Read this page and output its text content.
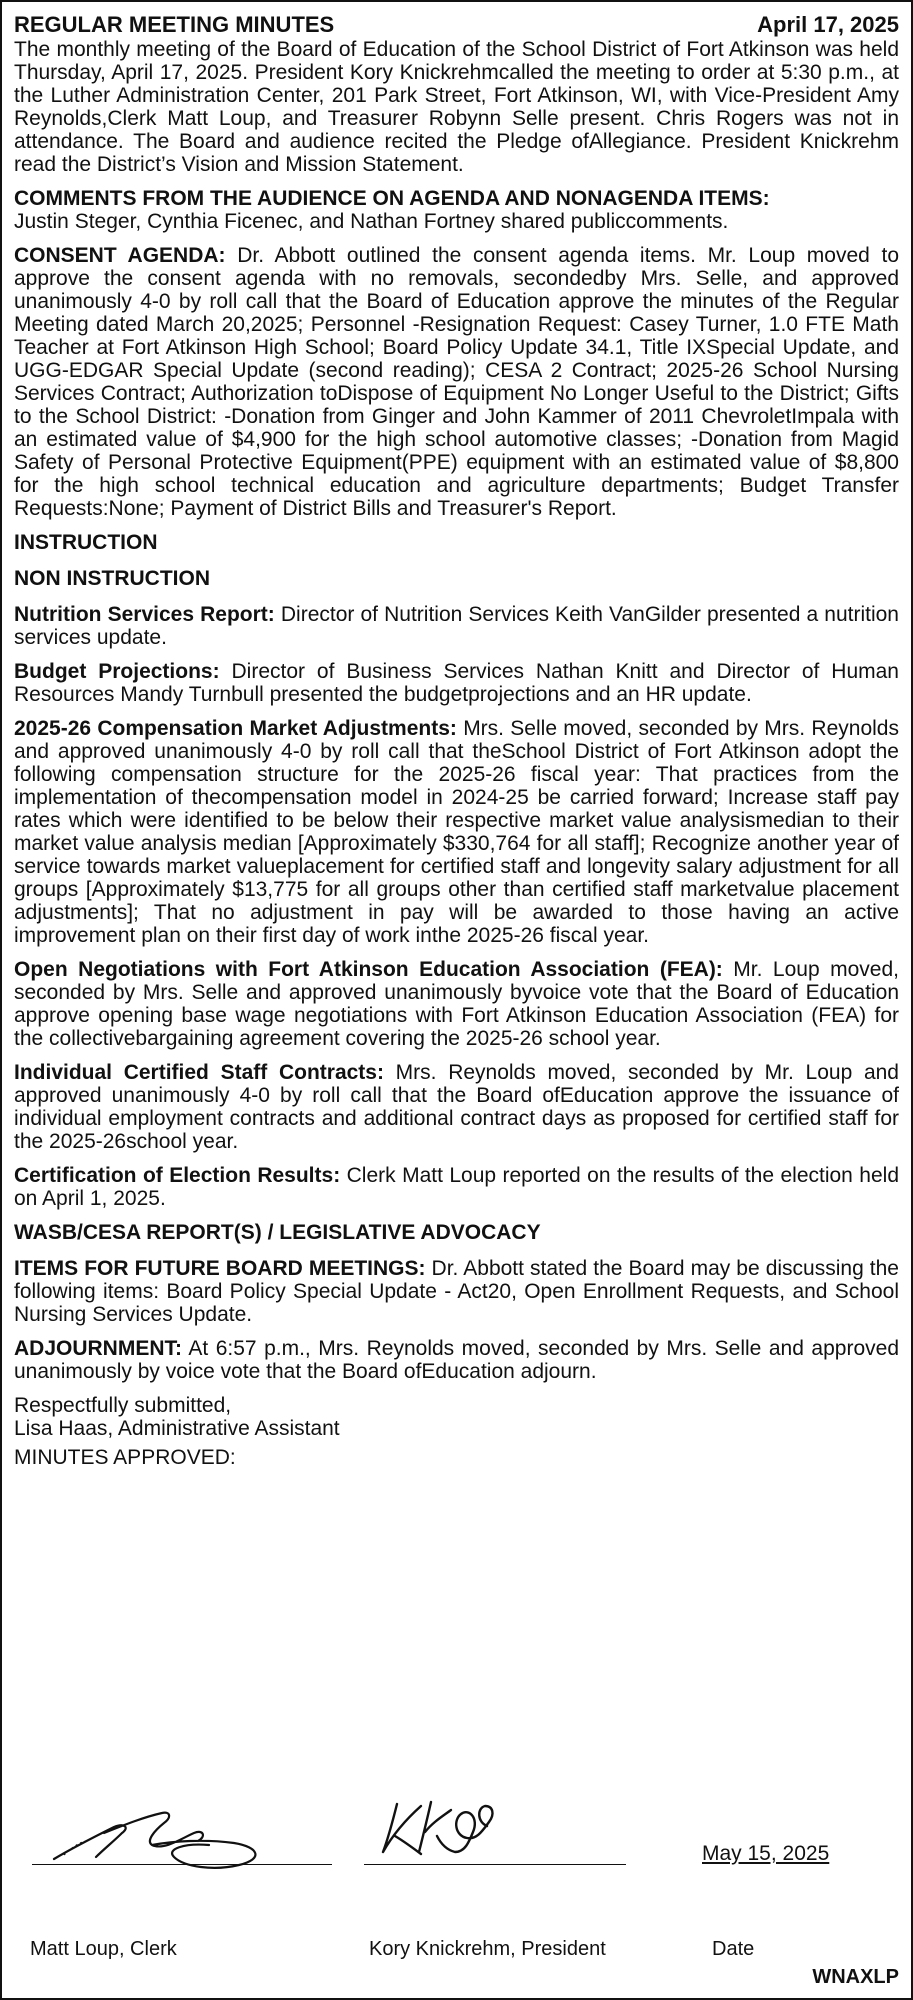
REGULAR MEETING MINUTES	April 17, 2025

The monthly meeting of the Board of Education of the School District of Fort Atkinson was held Thursday, April 17, 2025. President Kory Knickrehmcalled the meeting to order at 5:30 p.m., at the Luther Administration Center, 201 Park Street, Fort Atkinson, WI, with Vice-President Amy Reynolds,Clerk Matt Loup, and Treasurer Robynn Selle present. Chris Rogers was not in attendance. The Board and audience recited the Pledge ofAllegiance. President Knickrehm read the District’s Vision and Mission Statement.

COMMENTS FROM THE AUDIENCE ON AGENDA AND NONAGENDA ITEMS:
Justin Steger, Cynthia Ficenec, and Nathan Fortney shared publiccomments.

CONSENT AGENDA: Dr. Abbott outlined the consent agenda items. Mr. Loup moved to approve the consent agenda with no removals, secondedby Mrs. Selle, and approved unanimously 4-0 by roll call that the Board of Education approve the minutes of the Regular Meeting dated March 20,2025; Personnel -Resignation Request: Casey Turner, 1.0 FTE Math Teacher at Fort Atkinson High School; Board Policy Update 34.1, Title IXSpecial Update, and UGG-EDGAR Special Update (second reading); CESA 2 Contract; 2025-26 School Nursing Services Contract; Authorization toDispose of Equipment No Longer Useful to the District; Gifts to the School District: -Donation from Ginger and John Kammer of 2011 ChevroletImpala with an estimated value of $4,900 for the high school automotive classes; -Donation from Magid Safety of Personal Protective Equipment(PPE) equipment with an estimated value of $8,800 for the high school technical education and agriculture departments; Budget Transfer Requests:None; Payment of District Bills and Treasurer's Report.

INSTRUCTION
NON INSTRUCTION

Nutrition Services Report: Director of Nutrition Services Keith VanGilder presented a nutrition services update.

Budget Projections: Director of Business Services Nathan Knitt and Director of Human Resources Mandy Turnbull presented the budgetprojections and an HR update.

2025-26 Compensation Market Adjustments: Mrs. Selle moved, seconded by Mrs. Reynolds and approved unanimously 4-0 by roll call that theSchool District of Fort Atkinson adopt the following compensation structure for the 2025-26 fiscal year: That practices from the implementation of thecompensation model in 2024-25 be carried forward; Increase staff pay rates which were identified to be below their respective market value analysismedian to their market value analysis median [Approximately $330,764 for all staff]; Recognize another year of service towards market valueplacement for certified staff and longevity salary adjustment for all groups [Approximately $13,775 for all groups other than certified staff marketvalue placement adjustments]; That no adjustment in pay will be awarded to those having an active improvement plan on their first day of work inthe 2025-26 fiscal year.

Open Negotiations with Fort Atkinson Education Association (FEA): Mr. Loup moved, seconded by Mrs. Selle and approved unanimously byvoice vote that the Board of Education approve opening base wage negotiations with Fort Atkinson Education Association (FEA) for the collectivebargaining agreement covering the 2025-26 school year.

Individual Certified Staff Contracts: Mrs. Reynolds moved, seconded by Mr. Loup and approved unanimously 4-0 by roll call that the Board ofEducation approve the issuance of individual employment contracts and additional contract days as proposed for certified staff for the 2025-26school year.

Certification of Election Results: Clerk Matt Loup reported on the results of the election held on April 1, 2025.

WASB/CESA REPORT(S) / LEGISLATIVE ADVOCACY

ITEMS FOR FUTURE BOARD MEETINGS: Dr. Abbott stated the Board may be discussing the following items: Board Policy Special Update - Act20, Open Enrollment Requests, and School Nursing Services Update.

ADJOURNMENT: At 6:57 p.m., Mrs. Reynolds moved, seconded by Mrs. Selle and approved unanimously by voice vote that the Board ofEducation adjourn.

Respectfully submitted,
Lisa Haas, Administrative Assistant

MINUTES APPROVED:

May 15, 2025
Matt Loup, Clerk	Kory Knickrehm, President	Date
WNAXLP
